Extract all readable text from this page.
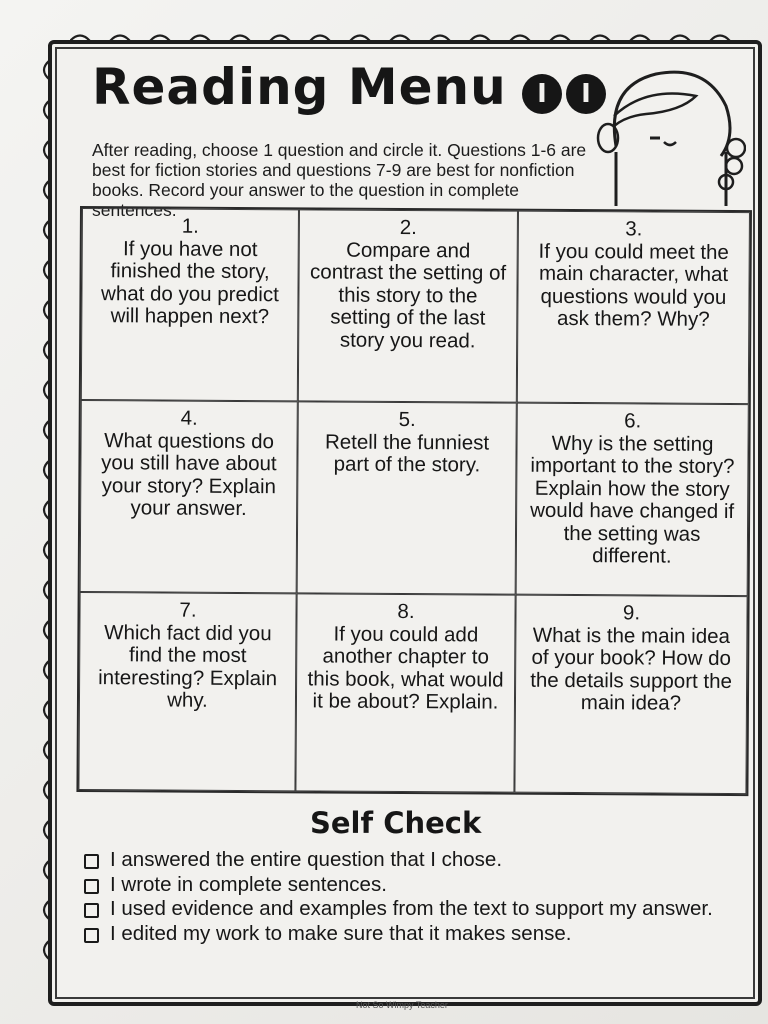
Reading Menu	I	I

After reading, choose 1 question and circle it. Questions 1-6 are best for fiction stories and questions 7-9 are best for nonfiction books. Record your answer to the question in complete sentences.

1.
If you have not finished the story, what do you predict will happen next?
2.
Compare and contrast the setting of this story to the setting of the last story you read.
3.
If you could meet the main character, what questions would you ask them? Why?
4.
What questions do you still have about your story? Explain your answer.
5.
Retell the funniest part of the story.
6.
Why is the setting important to the story? Explain how the story would have changed if the setting was different.
7.
Which fact did you find the most interesting? Explain why.
8.
If you could add another chapter to this book, what would it be about? Explain.
9.
What is the main idea of your book? How do the details support the main idea?
Self Check
I answered the entire question that I chose.
I wrote in complete sentences.
I used evidence and examples from the text to support my answer.
I edited my work to make sure that it makes sense.
Not So Wimpy Teacher
